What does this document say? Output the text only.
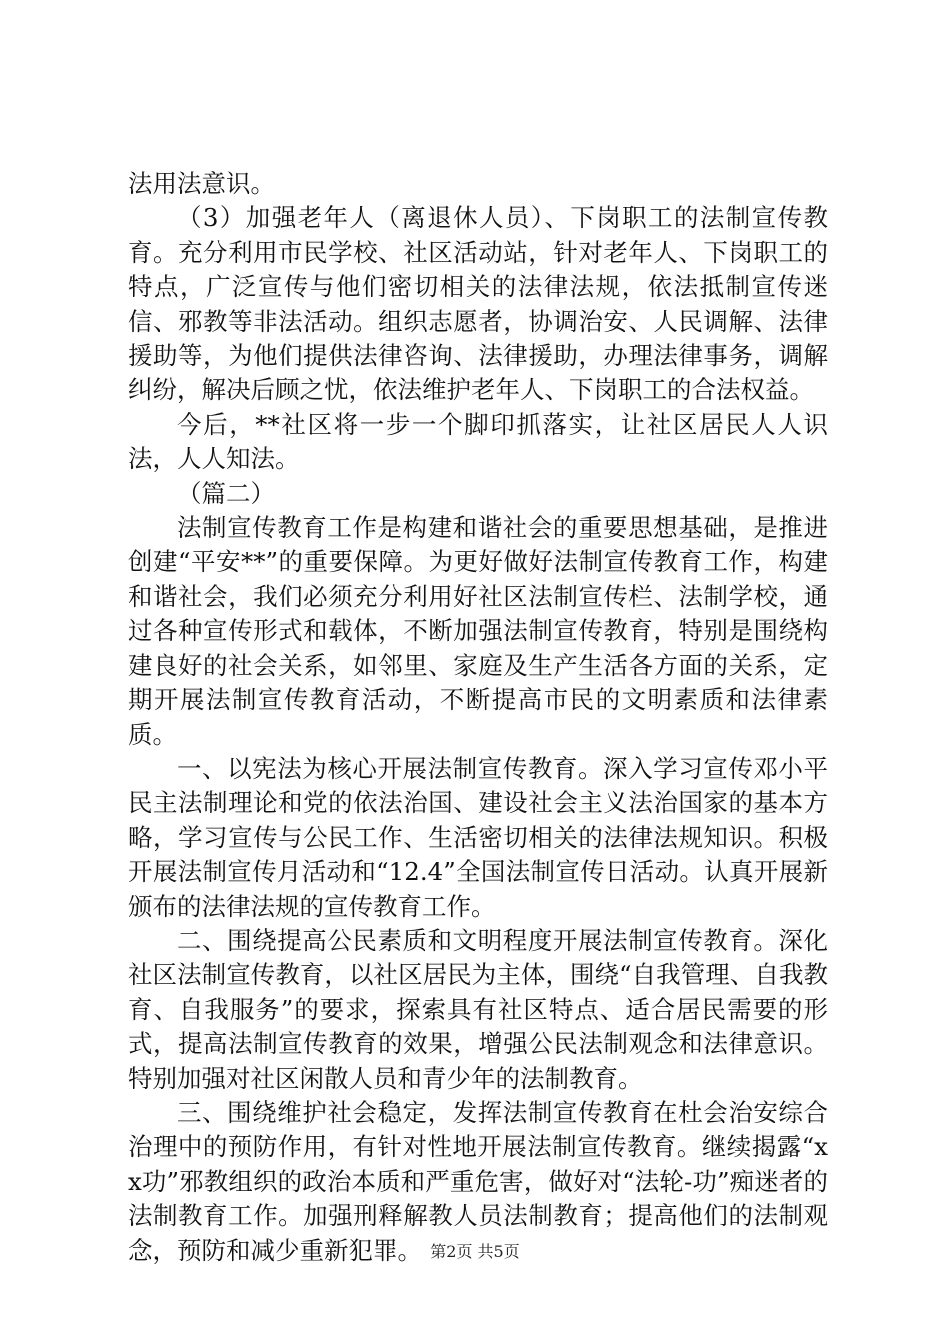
法用法意识。

（3）加强老年人（离退休人员）、下岗职工的法制宣传教育。充分利用市民学校、社区活动站，针对老年人、下岗职工的特点，广泛宣传与他们密切相关的法律法规，依法抵制宣传迷信、邪教等非法活动。组织志愿者，协调治安、人民调解、法律援助等，为他们提供法律咨询、法律援助，办理法律事务，调解纠纷，解决后顾之忧，依法维护老年人、下岗职工的合法权益。

今后，**社区将一步一个脚印抓落实，让社区居民人人识法，人人知法。

（篇二）

法制宣传教育工作是构建和谐社会的重要思想基础，是推进创建“平安**”的重要保障。为更好做好法制宣传教育工作，构建和谐社会，我们必须充分利用好社区法制宣传栏、法制学校，通过各种宣传形式和载体，不断加强法制宣传教育，特别是围绕构建良好的社会关系，如邻里、家庭及生产生活各方面的关系，定期开展法制宣传教育活动，不断提高市民的文明素质和法律素质。

一、以宪法为核心开展法制宣传教育。深入学习宣传邓小平民主法制理论和党的依法治国、建设社会主义法治国家的基本方略，学习宣传与公民工作、生活密切相关的法律法规知识。积极开展法制宣传月活动和“12.4”全国法制宣传日活动。认真开展新颁布的法律法规的宣传教育工作。

二、围绕提高公民素质和文明程度开展法制宣传教育。深化社区法制宣传教育，以社区居民为主体，围绕“自我管理、自我教育、自我服务”的要求，探索具有社区特点、适合居民需要的形式，提高法制宣传教育的效果，增强公民法制观念和法律意识。特别加强对社区闲散人员和青少年的法制教育。

三、围绕维护社会稳定，发挥法制宣传教育在杜会治安综合治理中的预防作用，有针对性地开展法制宣传教育。继续揭露“xx功”邪教组织的政治本质和严重危害，做好对“法轮-功”痴迷者的法制教育工作。加强刑释解教人员法制教育；提高他们的法制观念，预防和减少重新犯罪。 第2页 共5页
